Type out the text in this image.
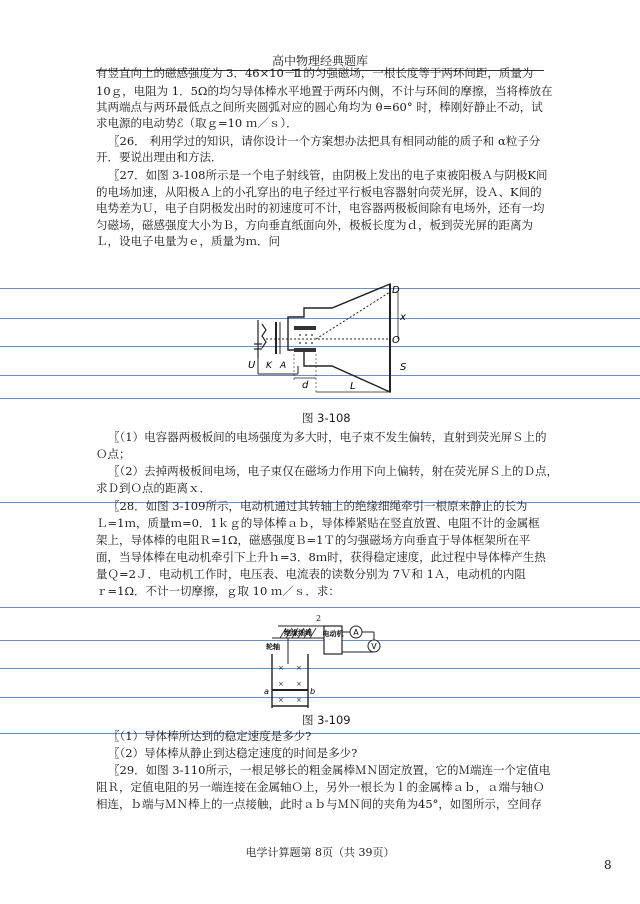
高中物理经典题库
有竖直向上的磁感强度为 3．46×10－1
T 的匀强磁场，一根长度等于两环间距，质量为
10ｇ，电阻为 1．5Ω的均匀导体棒水平地置于两环内侧，不计与环间的摩擦，当将棒放在
其两端点与两环最低点之间所夹圆弧对应的圆心角均为 θ=60° 时，棒刚好静止不动，试
求电源的电动势ℰ（取ｇ=10 ｍ／ｓ）．
〖26． 利用学过的知识，请你设计一个方案想办法把具有相同动能的质子和 α粒子分
开．要说出理由和方法．
〖27．如图 3-108所示是一个电子射线管，由阴极上发出的电子束被阳极Ａ与阴极Κ间
的电场加速，从阳极Ａ上的小孔穿出的电子经过平行板电容器射向荧光屏，设Ａ、Κ间的
电势差为Ｕ，电子自阴极发出时的初速度可不计，电容器两极板间除有电场外，还有一均
匀磁场，磁感强度大小为Ｂ，方向垂直纸面向外，极板长度为ｄ，板到荧光屏的距离为
Ｌ，设电子电量为ｅ，质量为ｍ．问
〖（1）电容器两极板间的电场强度为多大时，电子束不发生偏转，直射到荧光屏Ｓ上的
Ｏ点；
〖（2）去掉两极板间电场，电子束仅在磁场力作用下向上偏转，射在荧光屏Ｓ上的Ｄ点，
求Ｄ到Ｏ点的距离ｘ．
〖28．如图 3-109所示，电动机通过其转轴上的绝缘细绳牵引一根原来静止的长为
Ｌ=1ｍ，质量ｍ=0．1ｋｇ的导体棒ａｂ，导体棒紧贴在竖直放置、电阻不计的金属框
架上，导体棒的电阻Ｒ=1Ω，磁感强度Ｂ=1Ｔ的匀强磁场方向垂直于导体框架所在平
面，当导体棒在电动机牵引下上升ｈ=3．8ｍ时，获得稳定速度，此过程中导体棒产生热
量Ｑ=2Ｊ．电动机工作时，电压表、电流表的读数分别为 7Ｖ和 1Ａ，电动机的内阻
ｒ=1Ω．不计一切摩擦，ｇ取 10 ｍ／ｓ．求：
〖（1）导体棒所达到的稳定速度是多少?
〖（2）导体棒从静止到达稳定速度的时间是多少?
〖29．如图 3-110所示，一根足够长的粗金属棒ＭＮ固定放置，它的Ｍ端连一个定值电
阻Ｒ，定值电阻的另一端连接在金属轴Ｏ上，另外一根长为ｌ的金属棒ａｂ，ａ端与轴Ｏ
相连，ｂ端与ＭＮ棒上的一点接触，此时ａｂ与ＭＮ间的夹角为45°，如图所示，空间存
D
x
O
S
U K A
d	L
图 3-108
2
绝缘细绳
轮轴
电动机 A
V
a	b
× ×
× ×
× ×
图 3-109
电学计算题第 8页（共 39页）
8
